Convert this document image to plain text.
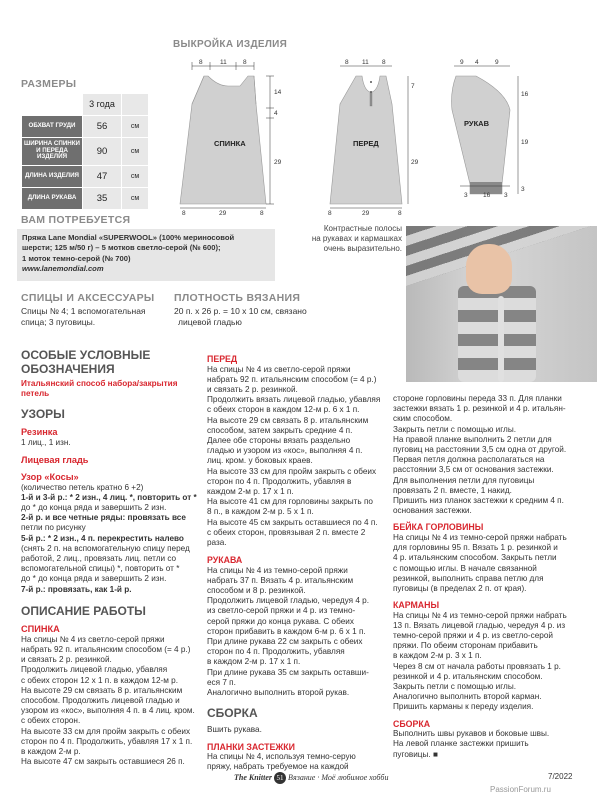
ВЫКРОЙКА ИЗДЕЛИЯ
РАЗМЕРЫ
	3 года	
ОБХВАТ ГРУДИ	56	см
ШИРИНА СПИНКИ И ПЕРЕДА ИЗДЕЛИЯ	90	см
ДЛИНА ИЗДЕЛИЯ	47	см
ДЛИНА РУКАВА	35	см
СПИНКА
8	11	8
14
4
29
8	29	8
ПЕРЕД
8 11 8
7
29
8	29	8
РУКАВ
9 4	9
16
19
3
3 16 3
Контрастные полосы
на рукавах и кармашках
очень выразительно.
ВАМ ПОТРЕБУЕТСЯ
Пряжа Lane Mondial «SUPERWOOL» (100% мериносовой
шерсти; 125 м/50 г) – 5 мотков светло-серой (№ 600);
1 моток темно-серой (№ 700)
www.lanemondial.com
СПИЦЫ И АКСЕССУАРЫ
Спицы № 4; 1 вспомогательная
спица; 3 пуговицы.
ПЛОТНОСТЬ ВЯЗАНИЯ
20 п. х 26 р. = 10 х 10 см, связано
лицевой гладью
ОСОБЫЕ УСЛОВНЫЕ ОБОЗНАЧЕНИЯ
Итальянский способ набора/закрытия петель
УЗОРЫ
Резинка

1 лиц., 1 изн.

Лицевая гладь
Узор «Косы»

(количество петель кратно 6 +2)

1-й и 3-й р.: * 2 изн., 4 лиц. *, повторить от *

до * до конца ряда и завершить 2 изн.

2-й р. и все четные ряды: провязать все

петли по рисунку

5-й р.: * 2 изн., 4 п. перекрестить налево

(снять 2 п. на вспомогательную спицу перед

работой, 2 лиц., провязать лиц. петли со

вспомогательной спицы) *, повторить от *

до * до конца ряда и завершить 2 изн.

7-й р.: провязать, как 1-й р.

ОПИСАНИЕ РАБОТЫ
СПИНКА

На спицы № 4 из светло-серой пряжи

набрать 92 п. итальянским способом (= 4 р.)

и связать 2 р. резинкой.

Продолжить лицевой гладью, убавляя

с обеих сторон 12 х 1 п. в каждом 12-м р.

На высоте 29 см связать 8 р. итальянским

способом. Продолжить лицевой гладью и

узором из «кос», выполняя 4 п. в 4 лиц. кром.

с обеих сторон.

На высоте 33 см для пройм закрыть с обеих

сторон по 4 п. Продолжить, убавляя 17 х 1 п.

в каждом 2-м р.

На высоте 47 см закрыть оставшиеся 26 п.

ПЕРЕД

На спицы № 4 из светло-серой пряжи

набрать 92 п. итальянским способом (= 4 р.)

и связать 2 р. резинкой.

Продолжить вязать лицевой гладью, убавляя

с обеих сторон в каждом 12-м р. 6 х 1 п.

На высоте 29 см связать 8 р. итальянским

способом, затем закрыть средние 4 п.

Далее обе стороны вязать раздельно

гладью и узором из «кос», выполняя 4 п.

лиц. кром. у боковых краев.

На высоте 33 см для пройм закрыть с обеих

сторон по 4 п. Продолжить, убавляя в

каждом 2-м р. 17 х 1 п.

На высоте 41 см для горловины закрыть по

8 п., в каждом 2-м р. 5 х 1 п.

На высоте 45 см закрыть оставшиеся по 4 п.

с обеих сторон, провязывая 2 п. вместе 2

раза.

РУКАВА

На спицы № 4 из темно-серой пряжи

набрать 37 п. Вязать 4 р. итальянским

способом и 8 р. резинкой.

Продолжить лицевой гладью, чередуя 4 р.

из светло-серой пряжи и 4 р. из темно-

серой пряжи до конца рукава. С обеих

сторон прибавить в каждом 6-м р. 6 х 1 п.

При длине рукава 22 см закрыть с обеих

сторон по 4 п. Продолжить, убавляя

в каждом 2-м р. 17 х 1 п.

При длине рукава 35 см закрыть оставши-

еся 7 п.

Аналогично выполнить второй рукав.

СБОРКА

Вшить рукава.

ПЛАНКИ ЗАСТЕЖКИ

На спицы № 4, используя темно-серую

пряжу, набрать требуемое на каждой

стороне горловины переда 33 п. Для планки

застежки вязать 1 р. резинкой и 4 р. итальян-

ским способом.

Закрыть петли с помощью иглы.

На правой планке выполнить 2 петли для

пуговиц на расстоянии 3,5 см одна от другой.

Первая петля должна располагаться на

расстоянии 3,5 см от основания застежки.

Для выполнения петли для пуговицы

провязать 2 п. вместе, 1 накид.

Пришить низ планок застежки к средним 4 п.

основания застежки.

БЕЙКА ГОРЛОВИНЫ

На спицы № 4 из темно-серой пряжи набрать

для горловины 95 п. Вязать 1 р. резинкой и

4 р. итальянским способом. Закрыть петли

с помощью иглы. В начале связанной

резинкой, выполнить справа петлю для

пуговицы (в пределах 2 п. от края).

КАРМАНЫ

На спицы № 4 из темно-серой пряжи набрать

13 п. Вязать лицевой гладью, чередуя 4 р. из

темно-серой пряжи и 4 р. из светло-серой

пряжи. По обеим сторонам прибавить

в каждом 2-м р. 3 х 1 п.

Через 8 см от начала работы провязать 1 р.

резинкой и 4 р. итальянским способом.

Закрыть петли с помощью иглы.

Аналогично выполнить второй карман.

Пришить карманы к переду изделия.

СБОРКА

Выполнить швы рукавов и боковые швы.

На левой планке застежки пришить

пуговицы. ■

The Knitter 51 Вязание · Моё любимое хобби	7/2022
PassionForum.ru
